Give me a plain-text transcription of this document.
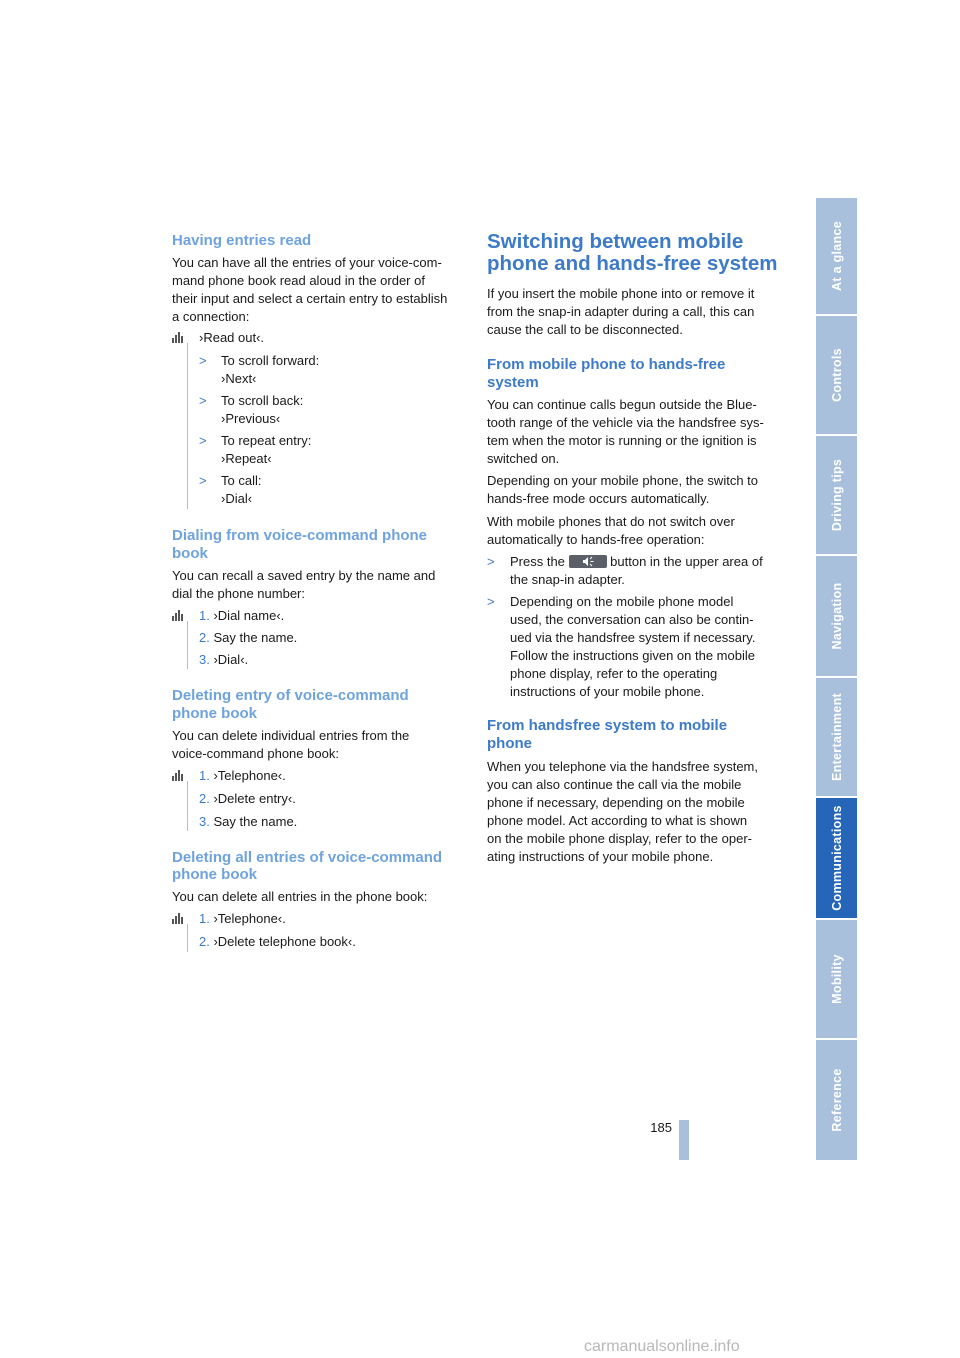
Having entries read

You can have all the entries of your voice-com-

mand phone book read aloud in the order of

their input and select a certain entry to establish

a connection:

›Read out‹.
> To scroll forward:
›Next‹
> To scroll back:
›Previous‹
> To repeat entry:
›Repeat‹
> To call:
›Dial‹
Dialing from voice-command phone
book

You can recall a saved entry by the name and

dial the phone number:

1. ›Dial name‹.
2. Say the name.
3. ›Dial‹.
Deleting entry of voice-command
phone book

You can delete individual entries from the

voice-command phone book:

1. ›Telephone‹.
2. ›Delete entry‹.
3. Say the name.
Deleting all entries of voice-command
phone book

You can delete all entries in the phone book:

1. ›Telephone‹.
2. ›Delete telephone book‹.
Switching between mobile
phone and hands-free system

If you insert the mobile phone into or remove it

from the snap-in adapter during a call, this can

cause the call to be disconnected.

From mobile phone to hands-free
system

You can continue calls begun outside the Blue-

tooth range of the vehicle via the handsfree sys-

tem when the motor is running or the ignition is

switched on.

Depending on your mobile phone, the switch to

hands-free mode occurs automatically.

With mobile phones that do not switch over

automatically to hands-free operation:

> Press the	button in the upper area of
the snap-in adapter.
> Depending on the mobile phone model
used, the conversation can also be contin-
ued via the handsfree system if necessary.
Follow the instructions given on the mobile
phone display, refer to the operating
instructions of your mobile phone.
From handsfree system to mobile
phone

When you telephone via the handsfree system,

you can also continue the call via the mobile

phone if necessary, depending on the mobile

phone model. Act according to what is shown

on the mobile phone display, refer to the oper-

ating instructions of your mobile phone.

At a glance
Controls
Driving tips
Navigation
Entertainment
Communications
Mobility
Reference
185
carmanualsonline.info
